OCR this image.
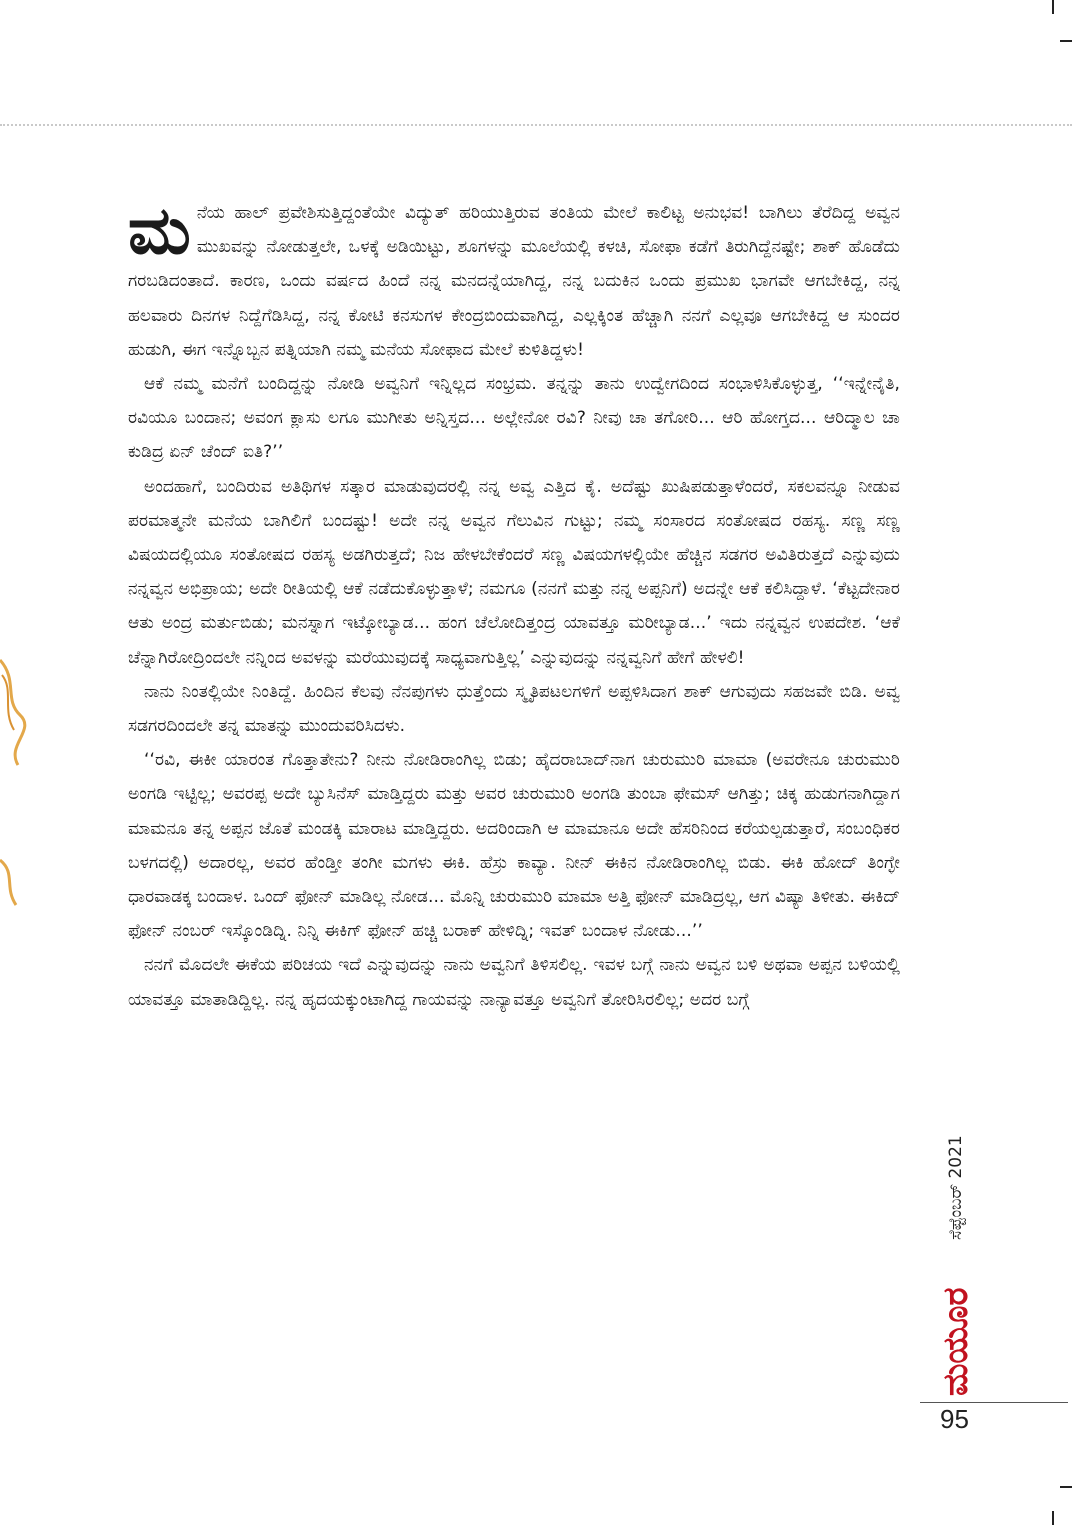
ಮನೆಯ ಹಾಲ್ ಪ್ರವೇಶಿಸುತ್ತಿದ್ದಂತೆಯೇ ವಿದ್ಯುತ್ ಹರಿಯುತ್ತಿರುವ ತಂತಿಯ ಮೇಲೆ ಕಾಲಿಟ್ಟ ಅನುಭವ! ಬಾಗಿಲು ತೆರೆದಿದ್ದ ಅವ್ವನ ಮುಖವನ್ನು ನೋಡುತ್ತಲೇ, ಒಳಕ್ಕೆ ಅಡಿಯಿಟ್ಟು, ಶೂಗಳನ್ನು ಮೂಲೆಯಲ್ಲಿ ಕಳಚಿ, ಸೋಫಾ ಕಡೆಗೆ ತಿರುಗಿದ್ದೆನಷ್ಟೇ; ಶಾಕ್ ಹೊಡೆದು ಗರಬಡಿದಂತಾದೆ. ಕಾರಣ, ಒಂದು ವರ್ಷದ ಹಿಂದೆ ನನ್ನ ಮನದನ್ನೆಯಾಗಿದ್ದ, ನನ್ನ ಬದುಕಿನ ಒಂದು ಪ್ರಮುಖ ಭಾಗವೇ ಆಗಬೇಕಿದ್ದ, ನನ್ನ ಹಲವಾರು ದಿನಗಳ ನಿದ್ದೆಗೆಡಿಸಿದ್ದ, ನನ್ನ ಕೋಟಿ ಕನಸುಗಳ ಕೇಂದ್ರಬಿಂದುವಾಗಿದ್ದ, ಎಲ್ಲಕ್ಕಿಂತ ಹೆಚ್ಚಾಗಿ ನನಗೆ ಎಲ್ಲವೂ ಆಗಬೇಕಿದ್ದ ಆ ಸುಂದರ ಹುಡುಗಿ, ಈಗ ಇನ್ನೊಬ್ಬನ ಪತ್ನಿಯಾಗಿ ನಮ್ಮ ಮನೆಯ ಸೋಫಾದ ಮೇಲೆ ಕುಳಿತಿದ್ದಳು!

ಆಕೆ ನಮ್ಮ ಮನೆಗೆ ಬಂದಿದ್ದನ್ನು ನೋಡಿ ಅವ್ವನಿಗೆ ಇನ್ನಿಲ್ಲದ ಸಂಭ್ರಮ. ತನ್ನನ್ನು ತಾನು ಉದ್ವೇಗದಿಂದ ಸಂಭಾಳಿಸಿಕೊಳ್ಳುತ್ತ, ‘‘ಇನ್ನೇನೈತಿ, ರವಿಯೂ ಬಂದಾನ; ಅವಂಗ ಕ್ಲಾಸು ಲಗೂ ಮುಗೀತು ಅನ್ನಿಸ್ತದ... ಅಲ್ಲೇನೋ ರವಿ? ನೀವು ಚಾ ತಗೋರಿ... ಆರಿ ಹೋಗ್ತದ... ಆರಿದ್ಮಾಲ ಚಾ ಕುಡಿದ್ರ ಏನ್ ಚೆಂದ್ ಐತಿ?’’

ಅಂದಹಾಗೆ, ಬಂದಿರುವ ಅತಿಥಿಗಳ ಸತ್ಕಾರ ಮಾಡುವುದರಲ್ಲಿ ನನ್ನ ಅವ್ವ ಎತ್ತಿದ ಕೈ. ಅದೆಷ್ಟು ಖುಷಿಪಡುತ್ತಾಳೆಂದರೆ, ಸಕಲವನ್ನೂ ನೀಡುವ ಪರಮಾತ್ಮನೇ ಮನೆಯ ಬಾಗಿಲಿಗೆ ಬಂದಷ್ಟು! ಅದೇ ನನ್ನ ಅವ್ವನ ಗೆಲುವಿನ ಗುಟ್ಟು; ನಮ್ಮ ಸಂಸಾರದ ಸಂತೋಷದ ರಹಸ್ಯ. ಸಣ್ಣ ಸಣ್ಣ ವಿಷಯದಲ್ಲಿಯೂ ಸಂತೋಷದ ರಹಸ್ಯ ಅಡಗಿರುತ್ತದೆ; ನಿಜ ಹೇಳಬೇಕೆಂದರೆ ಸಣ್ಣ ವಿಷಯಗಳಲ್ಲಿಯೇ ಹೆಚ್ಚಿನ ಸಡಗರ ಅವಿತಿರುತ್ತದೆ ಎನ್ನುವುದು ನನ್ನವ್ವನ ಅಭಿಪ್ರಾಯ; ಅದೇ ರೀತಿಯಲ್ಲಿ ಆಕೆ ನಡೆದುಕೊಳ್ಳುತ್ತಾಳೆ; ನಮಗೂ (ನನಗೆ ಮತ್ತು ನನ್ನ ಅಪ್ಪನಿಗೆ) ಅದನ್ನೇ ಆಕೆ ಕಲಿಸಿದ್ದಾಳೆ. ‘ಕೆಟ್ಟದೇನಾರ ಆತು ಅಂದ್ರ ಮರ್ತುಬಿಡು; ಮನಸ್ನಾಗ ಇಟ್ಕೋಬ್ಯಾಡ... ಹಂಗ ಚೆಲೋದಿತ್ತಂದ್ರ ಯಾವತ್ತೂ ಮರೀಬ್ಯಾಡ...’ ಇದು ನನ್ನವ್ವನ ಉಪದೇಶ. ‘ಆಕೆ ಚೆನ್ನಾಗಿರೋದ್ರಿಂದಲೇ ನನ್ನಿಂದ ಅವಳನ್ನು ಮರೆಯುವುದಕ್ಕೆ ಸಾಧ್ಯವಾಗುತ್ತಿಲ್ಲ’ ಎನ್ನುವುದನ್ನು ನನ್ನವ್ವನಿಗೆ ಹೇಗೆ ಹೇಳಲಿ!

ನಾನು ನಿಂತಲ್ಲಿಯೇ ನಿಂತಿದ್ದೆ. ಹಿಂದಿನ ಕೆಲವು ನೆನಪುಗಳು ಧುತ್ತೆಂದು ಸ್ಮೃತಿಪಟಲಗಳಿಗೆ ಅಪ್ಪಳಿಸಿದಾಗ ಶಾಕ್ ಆಗುವುದು ಸಹಜವೇ ಬಿಡಿ. ಅವ್ವ ಸಡಗರದಿಂದಲೇ ತನ್ನ ಮಾತನ್ನು ಮುಂದುವರಿಸಿದಳು.

‘‘ರವಿ, ಈಕೀ ಯಾರಂತ ಗೊತ್ತಾತೇನು? ನೀನು ನೋಡಿರಾಂಗಿಲ್ಲ ಬಿಡು; ಹೈದರಾಬಾದ್‌ನಾಗ ಚುರುಮುರಿ ಮಾಮಾ (ಅವರೇನೂ ಚುರುಮುರಿ ಅಂಗಡಿ ಇಟ್ಟಿಲ್ಲ; ಅವರಪ್ಪ ಅದೇ ಬ್ಯುಸಿನೆಸ್ ಮಾಡ್ತಿದ್ದರು ಮತ್ತು ಅವರ ಚುರುಮುರಿ ಅಂಗಡಿ ತುಂಬಾ ಫೇಮಸ್ ಆಗಿತ್ತು; ಚಿಕ್ಕ ಹುಡುಗನಾಗಿದ್ದಾಗ ಮಾಮನೂ ತನ್ನ ಅಪ್ಪನ ಜೊತೆ ಮಂಡಕ್ಕಿ ಮಾರಾಟ ಮಾಡ್ತಿದ್ದರು. ಅದರಿಂದಾಗಿ ಆ ಮಾಮಾನೂ ಅದೇ ಹೆಸರಿನಿಂದ ಕರೆಯಲ್ಪಡುತ್ತಾರೆ, ಸಂಬಂಧಿಕರ ಬಳಗದಲ್ಲಿ) ಅದಾರಲ್ಲ, ಅವರ ಹೆಂಡ್ತೀ ತಂಗೀ ಮಗಳು ಈಕಿ. ಹೆಸ್ರು ಕಾವ್ಯಾ. ನೀನ್ ಈಕಿನ ನೋಡಿರಾಂಗಿಲ್ಲ ಬಿಡು. ಈಕಿ ಹೋದ್ ತಿಂಗ್ಳೇ ಧಾರವಾಡಕ್ಕ ಬಂದಾಳ. ಒಂದ್ ಫೋನ್ ಮಾಡಿಲ್ಲ ನೋಡ... ಮೊನ್ನಿ ಚುರುಮುರಿ ಮಾಮಾ ಅತ್ತಿ ಫೋನ್ ಮಾಡಿದ್ರಲ್ಲ, ಆಗ ವಿಷ್ಯಾ ತಿಳೀತು. ಈಕಿದ್ ಫೋನ್ ನಂಬರ್ ಇಸ್ಕೊಂಡಿದ್ನಿ. ನಿನ್ನಿ ಈಕಿಗ್ ಫೋನ್ ಹಚ್ಚಿ ಬರಾಕ್ ಹೇಳಿದ್ನಿ; ಇವತ್ ಬಂದಾಳ ನೋಡು...’’

ನನಗೆ ಮೊದಲೇ ಈಕೆಯ ಪರಿಚಯ ಇದೆ ಎನ್ನುವುದನ್ನು ನಾನು ಅವ್ವನಿಗೆ ತಿಳಿಸಲಿಲ್ಲ. ಇವಳ ಬಗ್ಗೆ ನಾನು ಅವ್ವನ ಬಳಿ ಅಥವಾ ಅಪ್ಪನ ಬಳಿಯಲ್ಲಿ ಯಾವತ್ತೂ ಮಾತಾಡಿದ್ದಿಲ್ಲ. ನನ್ನ ಹೃದಯಕ್ಕುಂಟಾಗಿದ್ದ ಗಾಯವನ್ನು ನಾನ್ಯಾವತ್ತೂ ಅವ್ವನಿಗೆ ತೋರಿಸಿರಲಿಲ್ಲ; ಅದರ ಬಗ್ಗೆ

ಸೆಪ್ಟೆಂಬರ್ 2021
ಮಯೂರ
95
